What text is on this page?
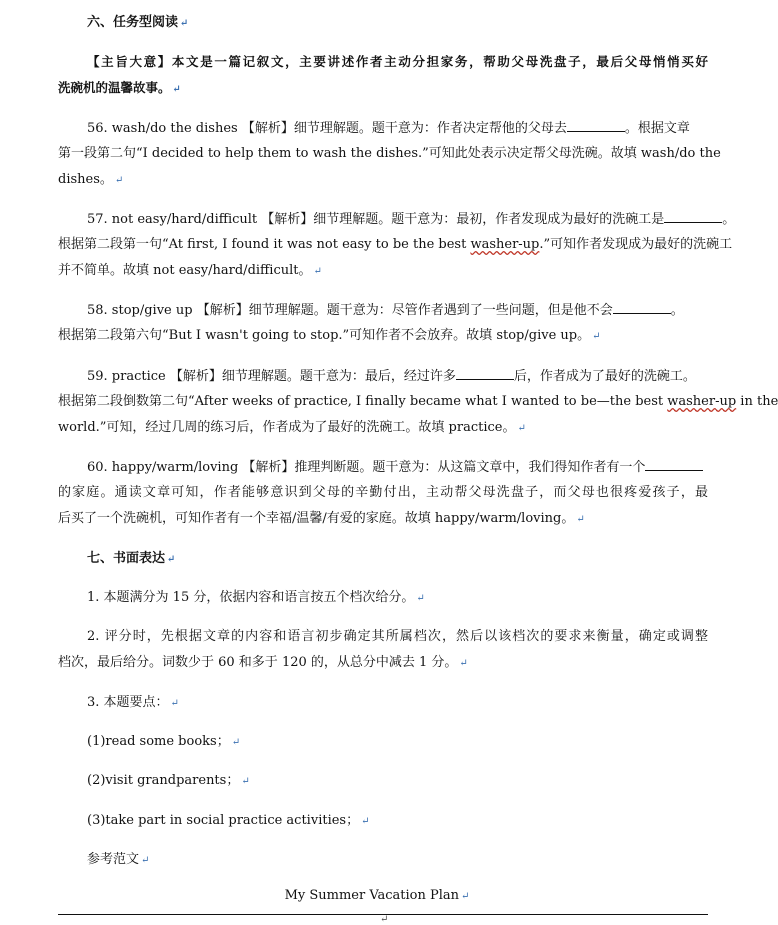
六、任务型阅读 ↵
【主旨大意】本文是一篇记叙文，主要讲述作者主动分担家务，帮助父母洗盘子，最后父母悄悄买好
洗碗机的温馨故事。 ↵
56. wash/do the dishes 【解析】细节理解题。题干意为：作者决定帮他的父母去	。根据文章
第一段第二句“I decided to help them to wash the dishes.”可知此处表示决定帮父母洗碗。故填 wash/do the
dishes。 ↵
57. not easy/hard/difficult 【解析】细节理解题。题干意为：最初，作者发现成为最好的洗碗工是	。
根据第二段第一句“At first, I found it was not easy to be the best washer-up.”可知作者发现成为最好的洗碗工
并不简单。故填 not easy/hard/difficult。 ↵
58. stop/give up 【解析】细节理解题。题干意为：尽管作者遇到了一些问题，但是他不会	。
根据第二段第六句“But I wasn't going to stop.”可知作者不会放弃。故填 stop/give up。 ↵
59. practice 【解析】细节理解题。题干意为：最后，经过许多	后，作者成为了最好的洗碗工。
根据第二段倒数第二句“After weeks of practice, I finally became what I wanted to be—the best washer-up in the
world.”可知，经过几周的练习后，作者成为了最好的洗碗工。故填 practice。 ↵
60. happy/warm/loving 【解析】推理判断题。题干意为：从这篇文章中，我们得知作者有一个
的家庭。通读文章可知，作者能够意识到父母的辛勤付出，主动帮父母洗盘子，而父母也很疼爱孩子，最
后买了一个洗碗机，可知作者有一个幸福/温馨/有爱的家庭。故填 happy/warm/loving。 ↵
七、书面表达 ↵
1. 本题满分为 15 分，依据内容和语言按五个档次给分。 ↵
2. 评分时，先根据文章的内容和语言初步确定其所属档次，然后以该档次的要求来衡量，确定或调整
档次，最后给分。词数少于 60 和多于 120 的，从总分中减去 1 分。 ↵
3. 本题要点： ↵
(1)read some books； ↵
(2)visit grandparents； ↵
(3)take part in social practice activities； ↵
参考范文 ↵
My Summer Vacation Plan ↵
↵
